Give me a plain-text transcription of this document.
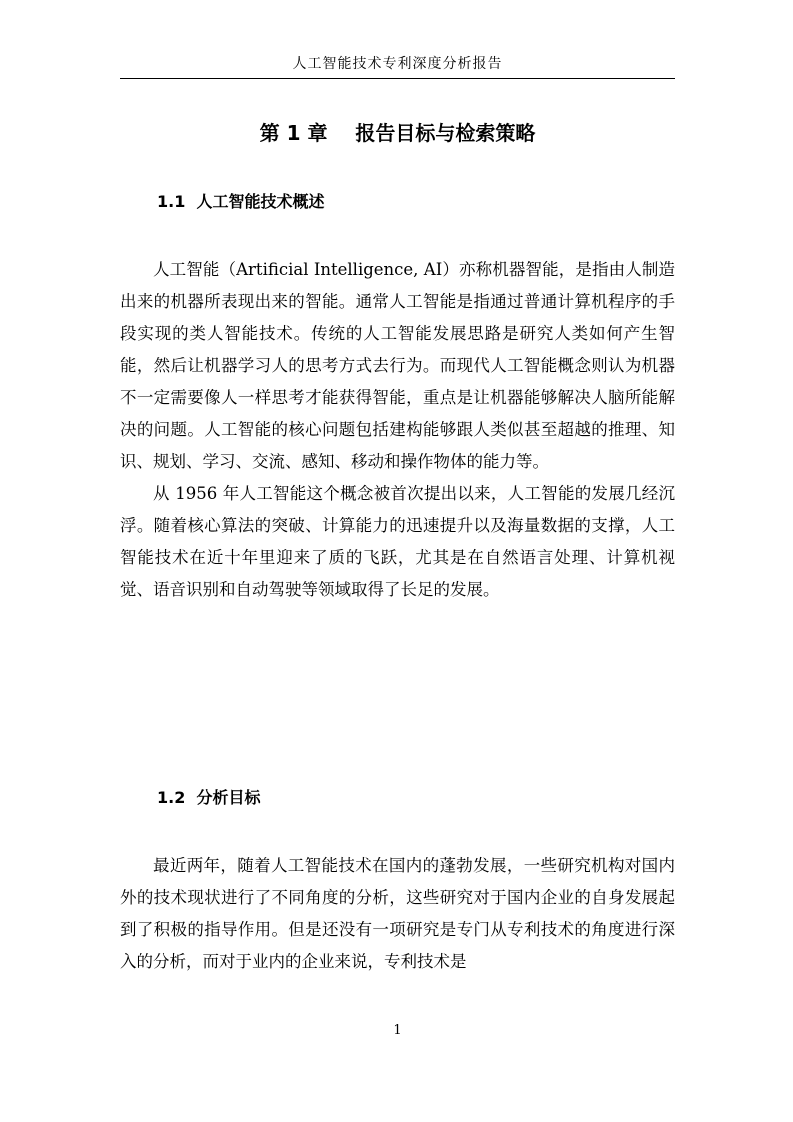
人工智能技术专利深度分析报告
第 1 章    报告目标与检索策略
1.1  人工智能技术概述

人工智能（Artificial Intelligence, AI）亦称机器智能，是指由人制造出来的机器所表现出来的智能。通常人工智能是指通过普通计算机程序的手段实现的类人智能技术。传统的人工智能发展思路是研究人类如何产生智能，然后让机器学习人的思考方式去行为。而现代人工智能概念则认为机器不一定需要像人一样思考才能获得智能，重点是让机器能够解决人脑所能解决的问题。人工智能的核心问题包括建构能够跟人类似甚至超越的推理、知识、规划、学习、交流、感知、移动和操作物体的能力等。

从 1956 年人工智能这个概念被首次提出以来，人工智能的发展几经沉浮。随着核心算法的突破、计算能力的迅速提升以及海量数据的支撑，人工智能技术在近十年里迎来了质的飞跃，尤其是在自然语言处理、计算机视觉、语音识别和自动驾驶等领域取得了长足的发展。

1.2  分析目标

最近两年，随着人工智能技术在国内的蓬勃发展，一些研究机构对国内外的技术现状进行了不同角度的分析，这些研究对于国内企业的自身发展起到了积极的指导作用。但是还没有一项研究是专门从专利技术的角度进行深入的分析，而对于业内的企业来说，专利技术是

1
